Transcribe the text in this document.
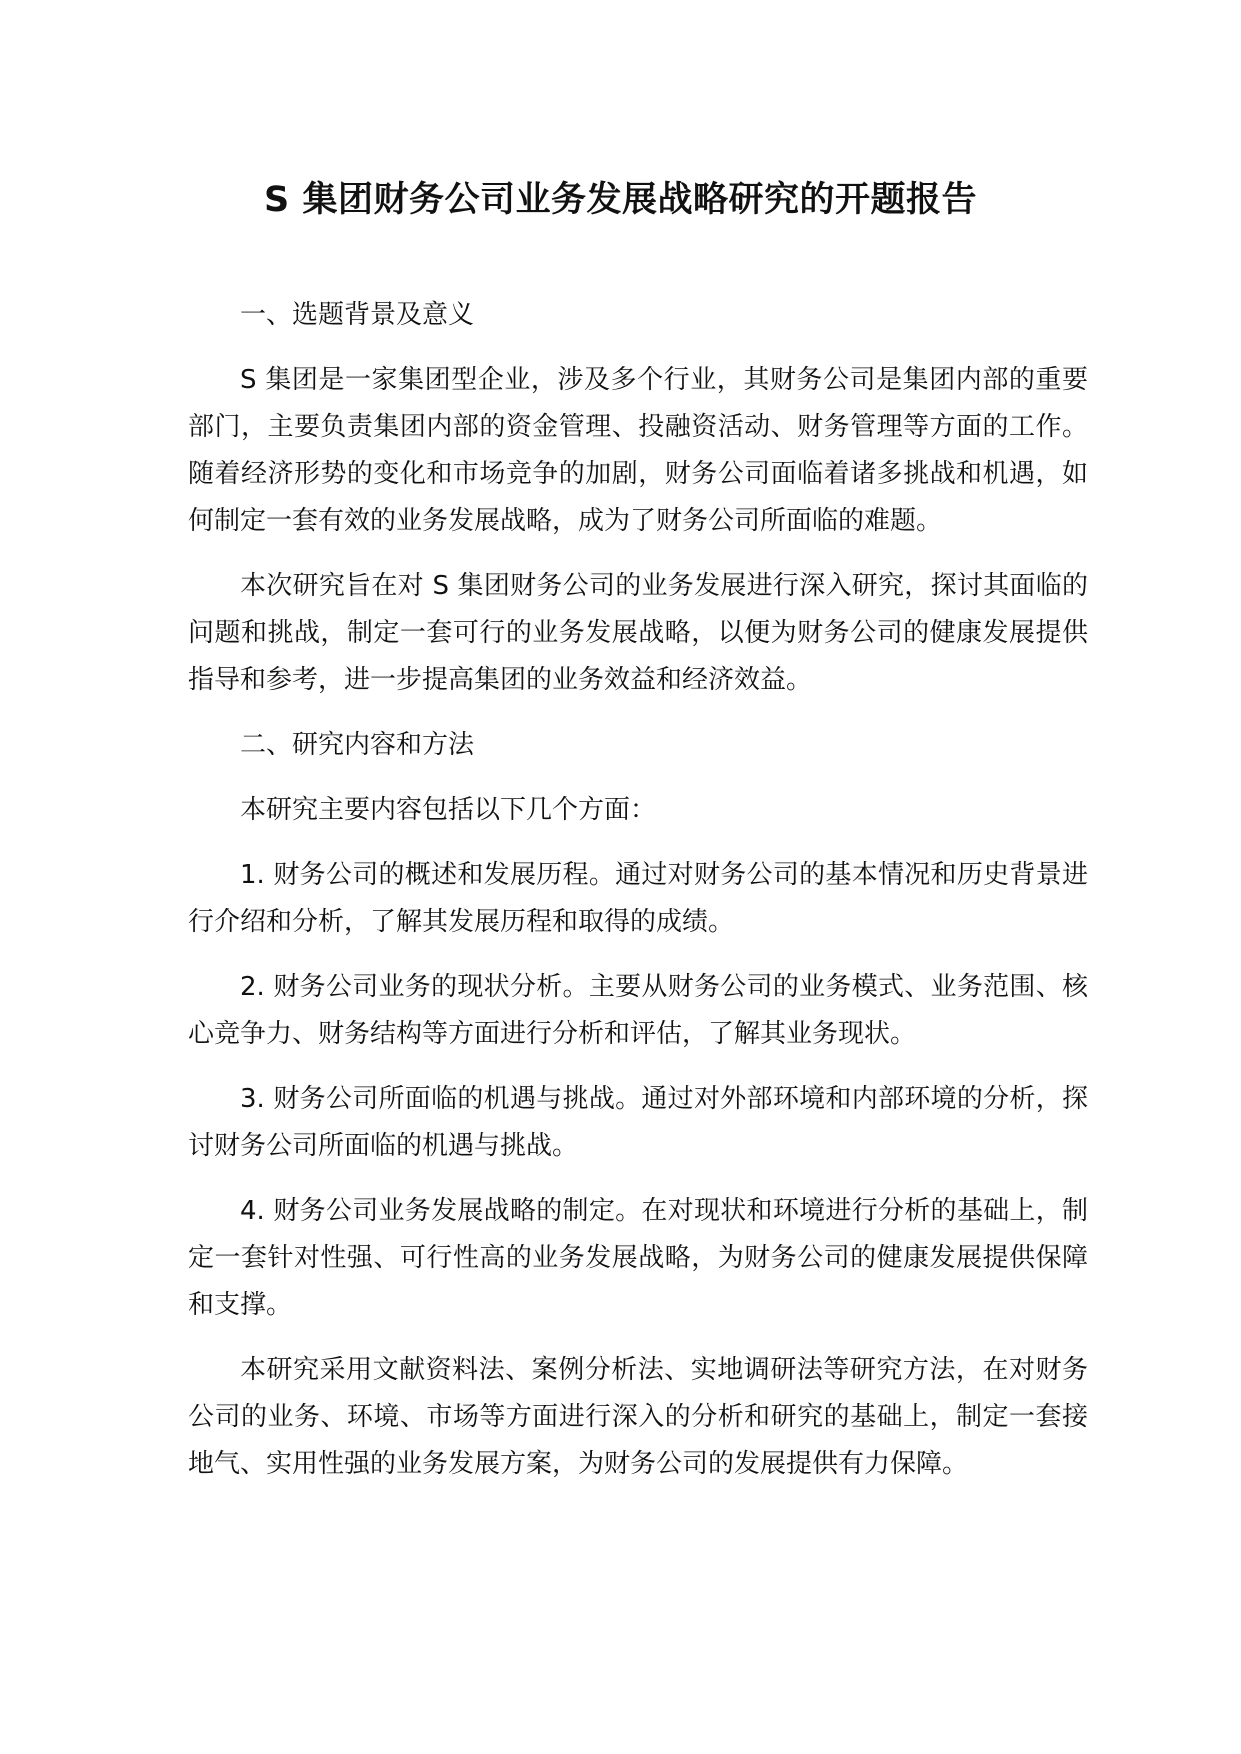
S 集团财务公司业务发展战略研究的开题报告

一、选题背景及意义

S 集团是一家集团型企业，涉及多个行业，其财务公司是集团内部的重要部门，主要负责集团内部的资金管理、投融资活动、财务管理等方面的工作。随着经济形势的变化和市场竞争的加剧，财务公司面临着诸多挑战和机遇，如何制定一套有效的业务发展战略，成为了财务公司所面临的难题。

本次研究旨在对 S 集团财务公司的业务发展进行深入研究，探讨其面临的问题和挑战，制定一套可行的业务发展战略，以便为财务公司的健康发展提供指导和参考，进一步提高集团的业务效益和经济效益。

二、研究内容和方法

本研究主要内容包括以下几个方面：

1. 财务公司的概述和发展历程。通过对财务公司的基本情况和历史背景进行介绍和分析，了解其发展历程和取得的成绩。

2. 财务公司业务的现状分析。主要从财务公司的业务模式、业务范围、核心竞争力、财务结构等方面进行分析和评估，了解其业务现状。

3. 财务公司所面临的机遇与挑战。通过对外部环境和内部环境的分析，探讨财务公司所面临的机遇与挑战。

4. 财务公司业务发展战略的制定。在对现状和环境进行分析的基础上，制定一套针对性强、可行性高的业务发展战略，为财务公司的健康发展提供保障和支撑。

本研究采用文献资料法、案例分析法、实地调研法等研究方法，在对财务公司的业务、环境、市场等方面进行深入的分析和研究的基础上，制定一套接地气、实用性强的业务发展方案，为财务公司的发展提供有力保障。
